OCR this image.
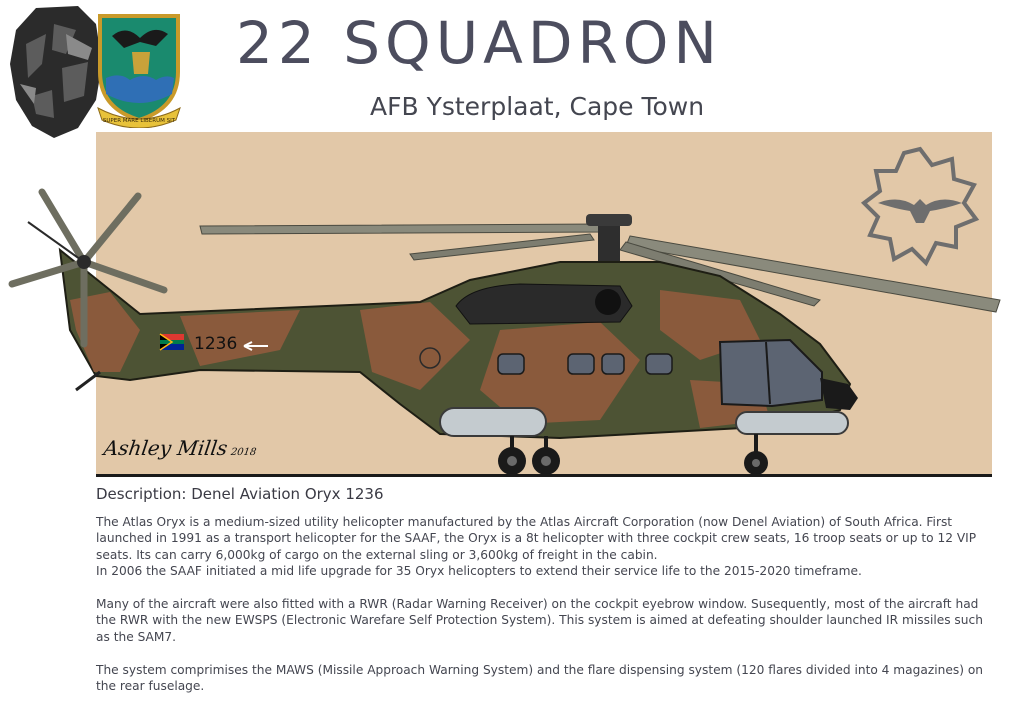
SUPER MARE LIBERUM SIT
22 SQUADRON
AFB Ysterplaat, Cape Town
1236
Ashley Mills2018
Description: Denel Aviation Oryx 1236

The Atlas Oryx is a medium-sized utility helicopter manufactured by the Atlas Aircraft Corporation (now Denel Aviation) of South Africa. First launched in 1991 as a transport helicopter for the SAAF, the Oryx is a 8t helicopter with three cockpit crew seats, 16 troop seats or up to 12 VIP seats. Its can carry 6,000kg of cargo on the external sling or 3,600kg of freight in the cabin.

In 2006 the SAAF initiated a mid life upgrade for 35 Oryx helicopters to extend their service life to the 2015-2020 timeframe.

Many of the aircraft were also fitted with a RWR (Radar Warning Receiver) on the cockpit eyebrow window. Susequently, most of the aircraft had the RWR with the new EWSPS (Electronic Warefare Self Protection System). This system is aimed at defeating shoulder launched IR missiles such as the SAM7.

The system comprimises the MAWS (Missile Approach Warning System) and the flare dispensing system (120 flares divided into 4 magazines) on the rear fuselage.
